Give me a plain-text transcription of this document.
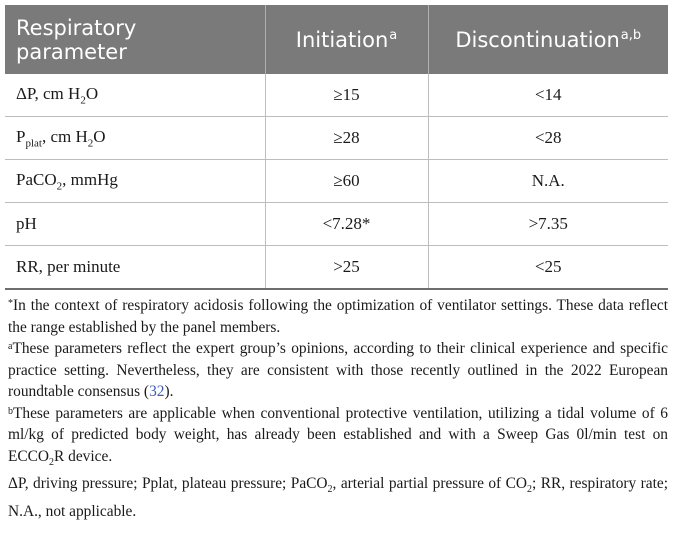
Respiratory
parameter	Initiation$^a$	Discontinuation$^{a,b}$
ΔP, cm $H_2O$	≥15	<14
$P_{plat}$, cm $H_2O$	≥28	<28
PaCO$_2$, mmHg	≥60	N.A.
pH	<7.28*	>7.35
RR, per minute	>25	<25

*In the context of respiratory acidosis following the optimization of ventilator settings. These data reflect the range established by the panel members.

$^a$These parameters reflect the expert group’s opinions, according to their clinical experience and specific practice setting. Nevertheless, they are consistent with those recently outlined in the 2022 European roundtable consensus (32).

$^b$These parameters are applicable when conventional protective ventilation, utilizing a tidal volume of 6 ml/kg of predicted body weight, has already been established and with a Sweep Gas 0l/min test on $ECCO_2R$ device.

ΔP, driving pressure; Pplat, plateau pressure; PaCO$_2$, arterial partial pressure of $CO_2$; RR, respiratory rate; N.A., not applicable.
